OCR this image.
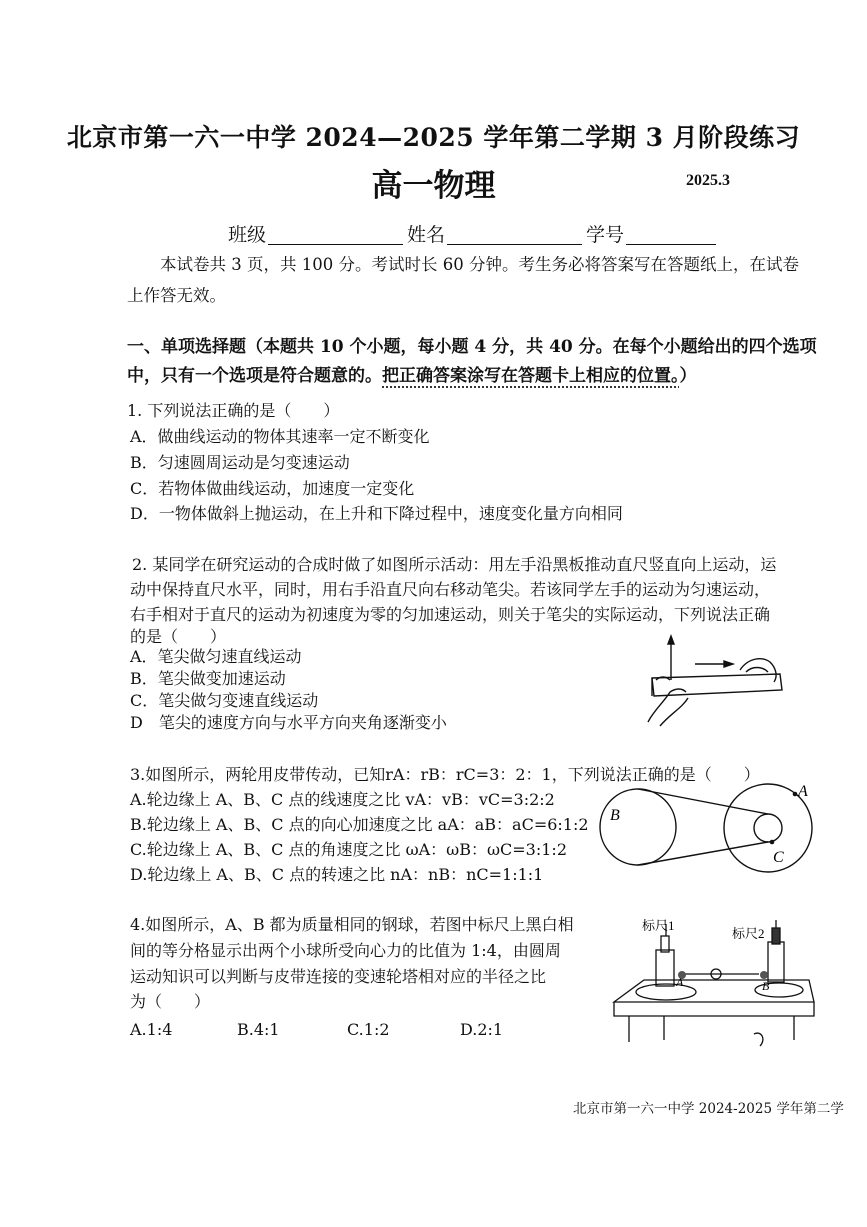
北京市第一六一中学 2024—2025 学年第二学期 3 月阶段练习
高一物理	2025.3
班级	姓名	学号
本试卷共 3 页，共 100 分。考试时长 60 分钟。考生务必将答案写在答题纸上，在试卷
上作答无效。
一、单项选择题（本题共 10 个小题，每小题 4 分，共 40 分。在每个小题给出的四个选项
中，只有一个选项是符合题意的。把正确答案涂写在答题卡上相应的位置。）
1. 下列说法正确的是（　　）
A．做曲线运动的物体其速率一定不断变化
B．匀速圆周运动是匀变速运动
C．若物体做曲线运动，加速度一定变化
D．一物体做斜上抛运动，在上升和下降过程中，速度变化量方向相同
2. 某同学在研究运动的合成时做了如图所示活动：用左手沿黑板推动直尺竖直向上运动，运
动中保持直尺水平，同时，用右手沿直尺向右移动笔尖。若该同学左手的运动为匀速运动，
右手相对于直尺的运动为初速度为零的匀加速运动，则关于笔尖的实际运动，下列说法正确
的是（　　）
A．笔尖做匀速直线运动
B．笔尖做变加速运动
C．笔尖做匀变速直线运动
D　笔尖的速度方向与水平方向夹角逐渐变小
3.如图所示，两轮用皮带传动，已知rA：rB：rC=3：2：1，下列说法正确的是（　　）
A.轮边缘上 A、B、C 点的线速度之比 vA：vB：vC=3:2:2
B.轮边缘上 A、B、C 点的向心加速度之比 aA：aB：aC=6:1:2
C.轮边缘上 A、B、C 点的角速度之比 ωA：ωB：ωC=3:1:2
D.轮边缘上 A、B、C 点的转速之比 nA：nB：nC=1:1:1
B
A
C
4.如图所示，A、B 都为质量相同的钢球，若图中标尺上黑白相
间的等分格显示出两个小球所受向心力的比值为 1:4，由圆周
运动知识可以判断与皮带连接的变速轮塔相对应的半径之比
为（　　）
A.1:4	B.4:1	C.1:2	D.2:1
标尺1
标尺2
A	B
北京市第一六一中学 2024-2025 学年第二学
